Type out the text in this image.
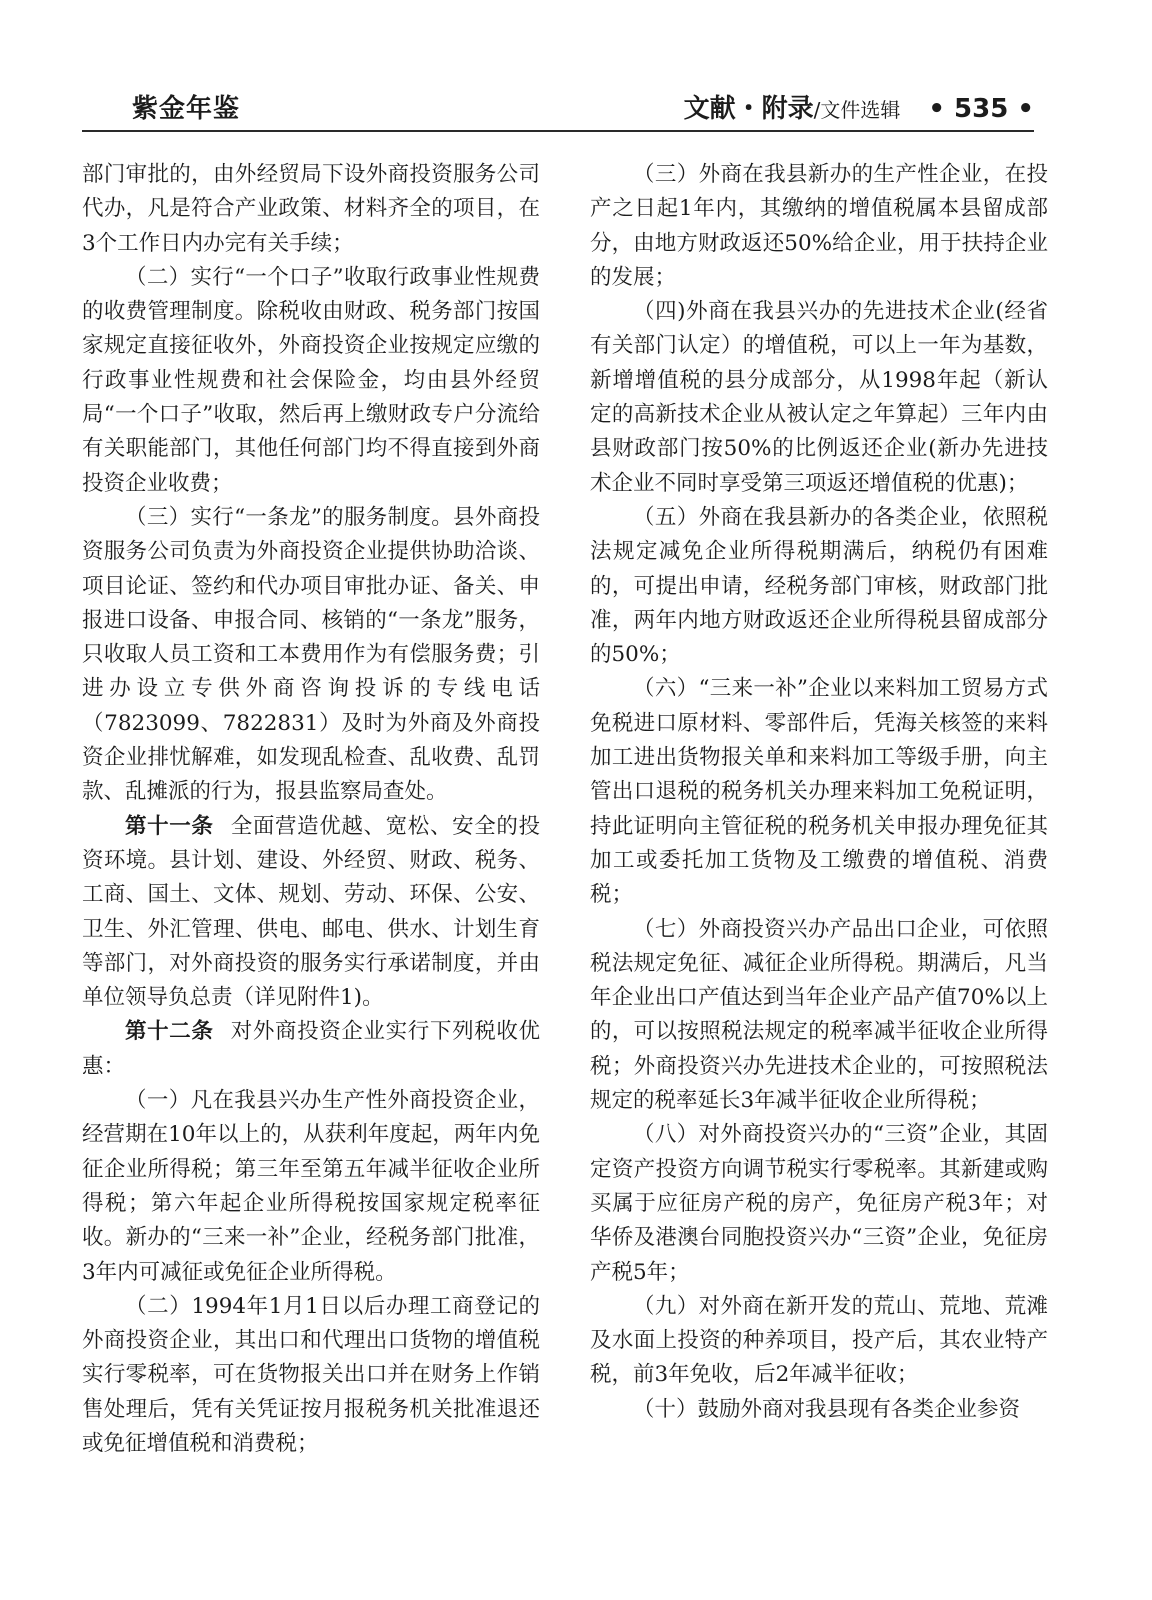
紫金年鉴	文献・附录/文件选辑 • 535 •

部门审批的，由外经贸局下设外商投资服务公司代办，凡是符合产业政策、材料齐全的项目，在3个工作日内办完有关手续；

（二）实行“一个口子”收取行政事业性规费的收费管理制度。除税收由财政、税务部门按国家规定直接征收外，外商投资企业按规定应缴的行政事业性规费和社会保险金，均由县外经贸局“一个口子”收取，然后再上缴财政专户分流给有关职能部门，其他任何部门均不得直接到外商投资企业收费；

（三）实行“一条龙”的服务制度。县外商投资服务公司负责为外商投资企业提供协助洽谈、项目论证、签约和代办项目审批办证、备关、申报进口设备、申报合同、核销的“一条龙”服务，只收取人员工资和工本费用作为有偿服务费；引进办设立专供外商咨询投诉的专线电话（7823099、7822831）及时为外商及外商投资企业排忧解难，如发现乱检查、乱收费、乱罚款、乱摊派的行为，报县监察局查处。

第十一条 全面营造优越、宽松、安全的投资环境。县计划、建设、外经贸、财政、税务、工商、国土、文体、规划、劳动、环保、公安、卫生、外汇管理、供电、邮电、供水、计划生育等部门，对外商投资的服务实行承诺制度，并由单位领导负总责（详见附件1)。

第十二条 对外商投资企业实行下列税收优惠：

（一）凡在我县兴办生产性外商投资企业，经营期在10年以上的，从获利年度起，两年内免征企业所得税；第三年至第五年减半征收企业所得税；第六年起企业所得税按国家规定税率征收。新办的“三来一补”企业，经税务部门批准，3年内可减征或免征企业所得税。

（二）1994年1月1日以后办理工商登记的外商投资企业，其出口和代理出口货物的增值税实行零税率，可在货物报关出口并在财务上作销售处理后，凭有关凭证按月报税务机关批准退还或免征增值税和消费税；

（三）外商在我县新办的生产性企业，在投产之日起1年内，其缴纳的增值税属本县留成部分，由地方财政返还50%给企业，用于扶持企业的发展；

（四)外商在我县兴办的先进技术企业(经省有关部门认定）的增值税，可以上一年为基数，新增增值税的县分成部分，从1998年起（新认定的高新技术企业从被认定之年算起）三年内由县财政部门按50%的比例返还企业(新办先进技术企业不同时享受第三项返还增值税的优惠)；

（五）外商在我县新办的各类企业，依照税法规定减免企业所得税期满后，纳税仍有困难的，可提出申请，经税务部门审核，财政部门批准，两年内地方财政返还企业所得税县留成部分的50%；

（六）“三来一补”企业以来料加工贸易方式免税进口原材料、零部件后，凭海关核签的来料加工进出货物报关单和来料加工等级手册，向主管出口退税的税务机关办理来料加工免税证明，持此证明向主管征税的税务机关申报办理免征其加工或委托加工货物及工缴费的增值税、消费税；

（七）外商投资兴办产品出口企业，可依照税法规定免征、减征企业所得税。期满后，凡当年企业出口产值达到当年企业产品产值70%以上的，可以按照税法规定的税率减半征收企业所得税；外商投资兴办先进技术企业的，可按照税法规定的税率延长3年减半征收企业所得税；

（八）对外商投资兴办的“三资”企业，其固定资产投资方向调节税实行零税率。其新建或购买属于应征房产税的房产，免征房产税3年；对华侨及港澳台同胞投资兴办“三资”企业，免征房产税5年；

（九）对外商在新开发的荒山、荒地、荒滩及水面上投资的种养项目，投产后，其农业特产税，前3年免收，后2年减半征收；

（十）鼓励外商对我县现有各类企业参资
